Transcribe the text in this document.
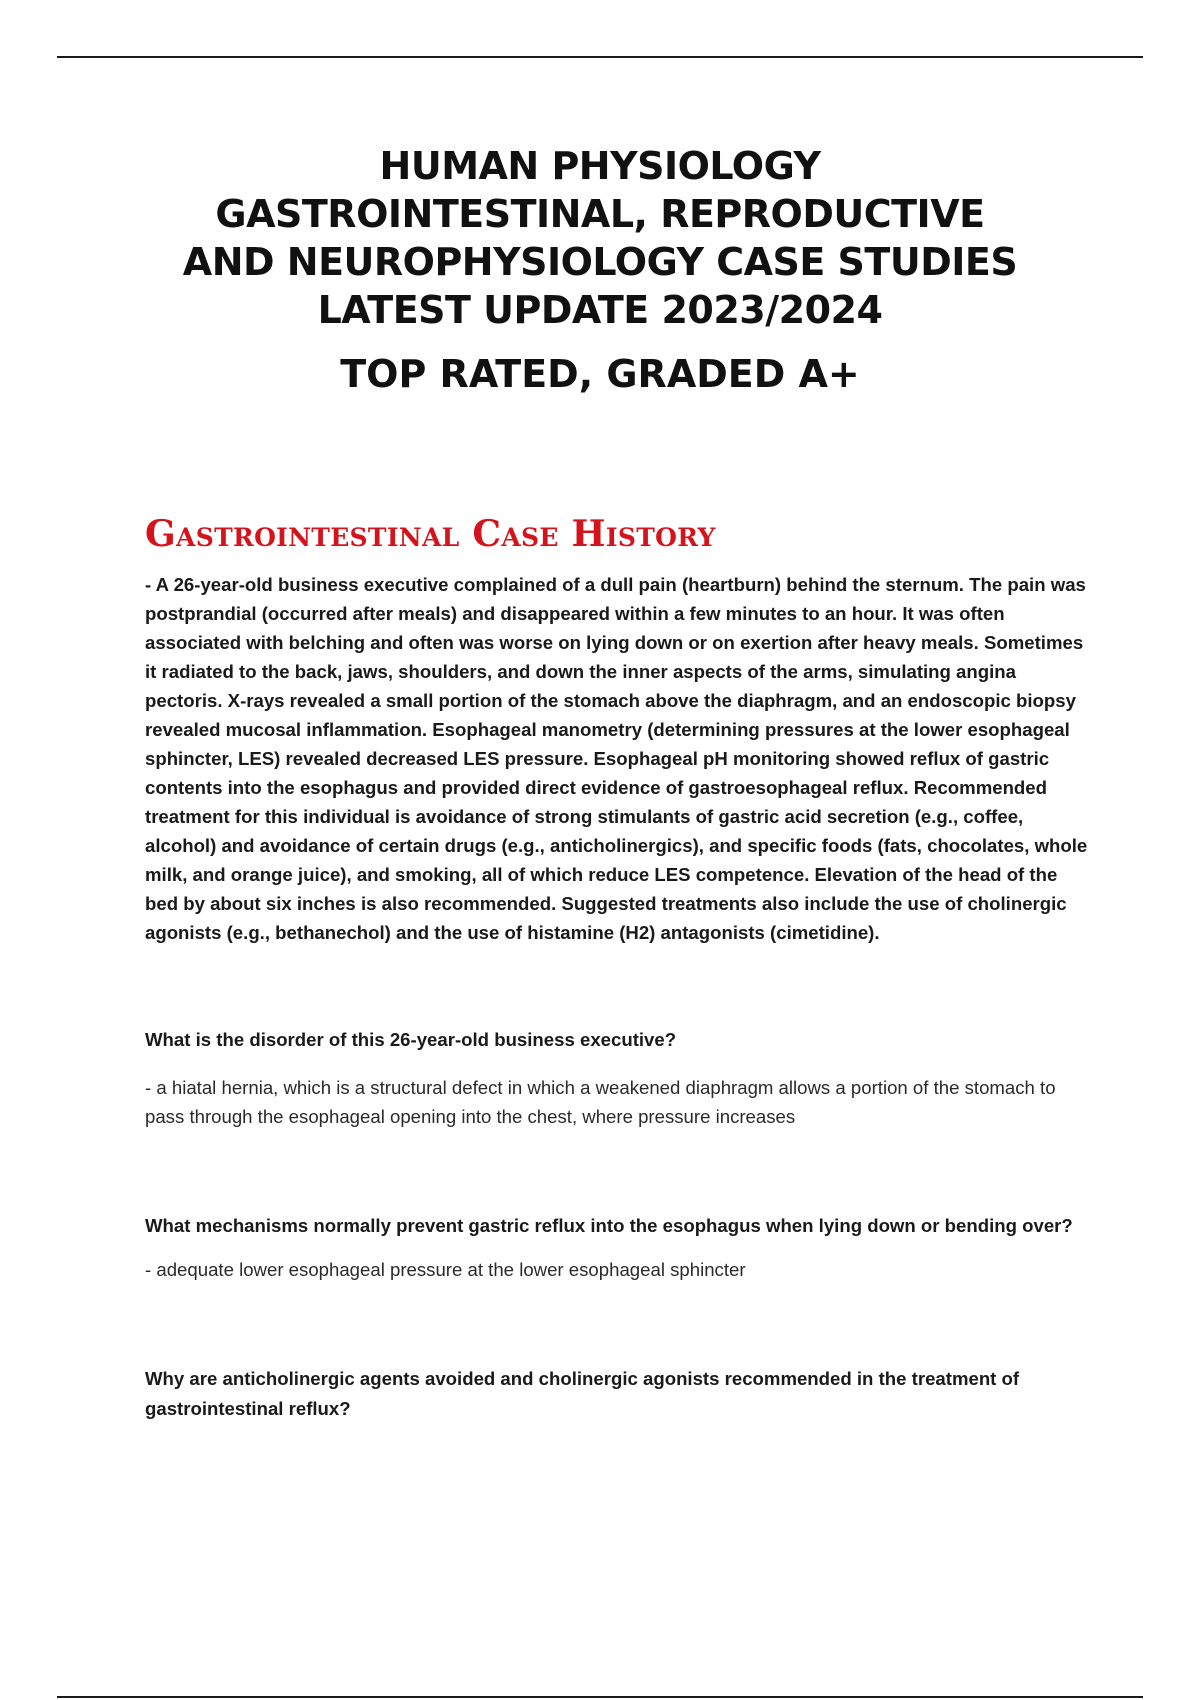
HUMAN PHYSIOLOGY
GASTROINTESTINAL, REPRODUCTIVE
AND NEUROPHYSIOLOGY CASE STUDIES
LATEST UPDATE 2023/2024
TOP RATED, GRADED A+
Gastrointestinal Case History

- A 26-year-old business executive complained of a dull pain (heartburn) behind the sternum. The pain was postprandial (occurred after meals) and disappeared within a few minutes to an hour. It was often associated with belching and often was worse on lying down or on exertion after heavy meals. Sometimes it radiated to the back, jaws, shoulders, and down the inner aspects of the arms, simulating angina pectoris. X-rays revealed a small portion of the stomach above the diaphragm, and an endoscopic biopsy revealed mucosal inflammation. Esophageal manometry (determining pressures at the lower esophageal sphincter, LES) revealed decreased LES pressure. Esophageal pH monitoring showed reflux of gastric contents into the esophagus and provided direct evidence of gastroesophageal reflux. Recommended treatment for this individual is avoidance of strong stimulants of gastric acid secretion (e.g., coffee, alcohol) and avoidance of certain drugs (e.g., anticholinergics), and specific foods (fats, chocolates, whole milk, and orange juice), and smoking, all of which reduce LES competence. Elevation of the head of the bed by about six inches is also recommended. Suggested treatments also include the use of cholinergic agonists (e.g., bethanechol) and the use of histamine (H2) antagonists (cimetidine).

What is the disorder of this 26-year-old business executive?

- a hiatal hernia, which is a structural defect in which a weakened diaphragm allows a portion of the stomach to pass through the esophageal opening into the chest, where pressure increases

What mechanisms normally prevent gastric reflux into the esophagus when lying down or bending over?

- adequate lower esophageal pressure at the lower esophageal sphincter

Why are anticholinergic agents avoided and cholinergic agonists recommended in the treatment of gastrointestinal reflux?
